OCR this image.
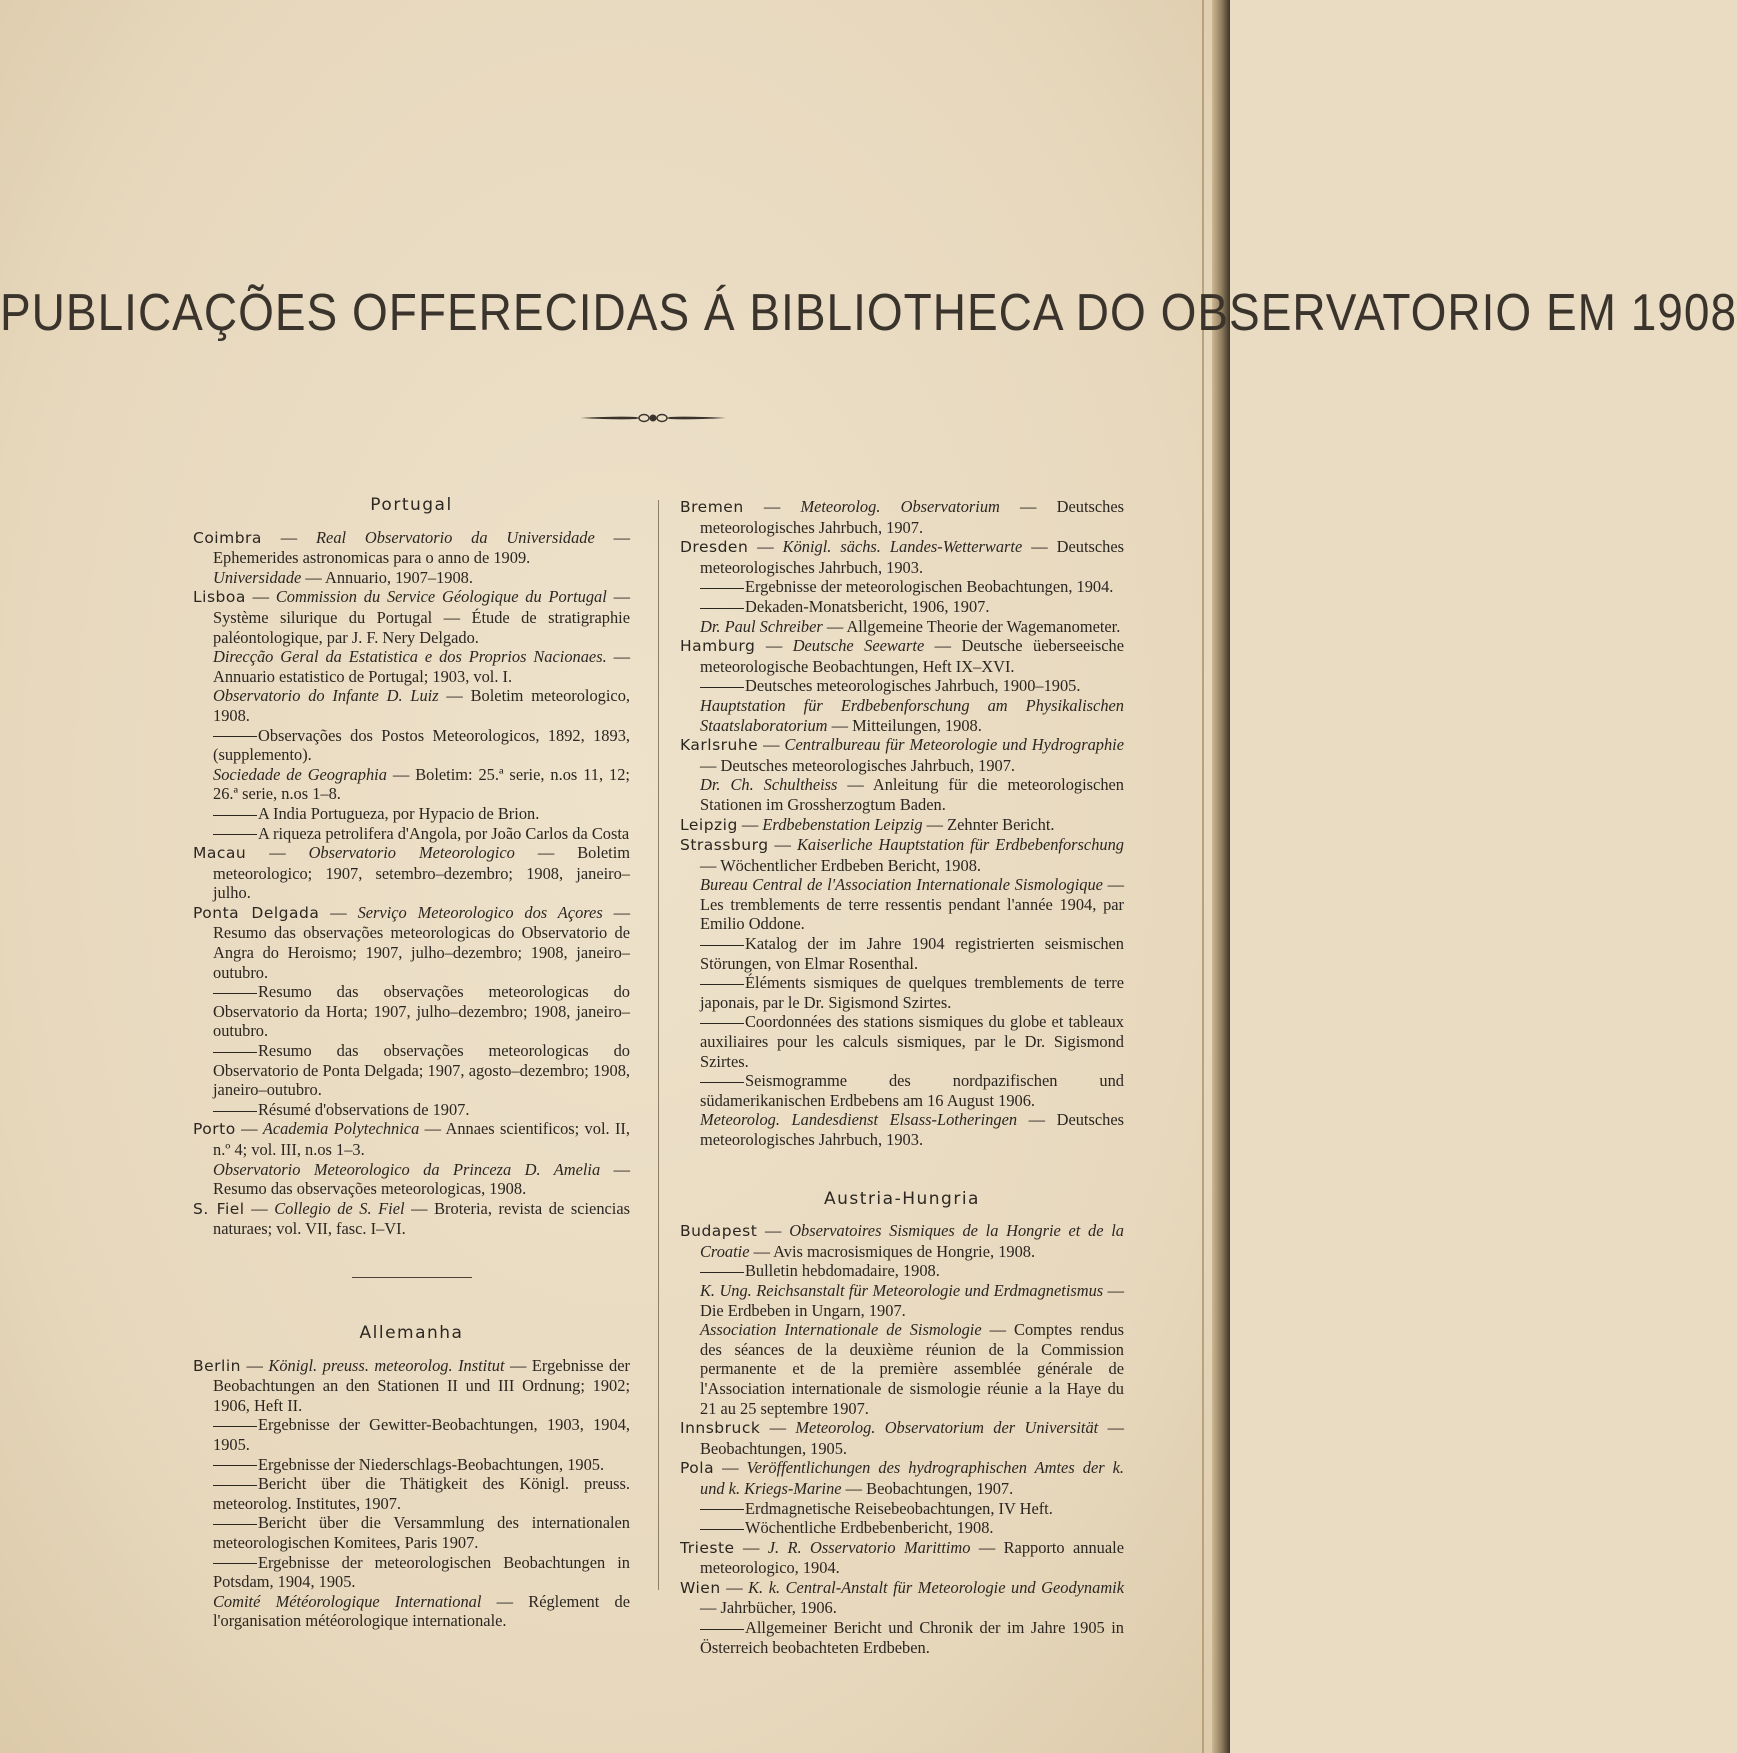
PUBLICAÇÕES OFFERECIDAS Á BIBLIOTHECA DO OBSERVATORIO EM 1908
Portugal

Coimbra — Real Observatorio da Universidade — Ephemerides astronomicas para o anno de 1909.

Universidade — Annuario, 1907–1908.

Lisboa — Commission du Service Géologique du Portugal — Système silurique du Portugal — Étude de stratigraphie paléontologique, par J. F. Nery Delgado.

Direcção Geral da Estatistica e dos Proprios Nacionaes. — Annuario estatistico de Portugal; 1903, vol. I.

Observatorio do Infante D. Luiz — Boletim meteorologico, 1908.

Observações dos Postos Meteorologicos, 1892, 1893, (supplemento).

Sociedade de Geographia — Boletim: 25.ª serie, n.os 11, 12; 26.ª serie, n.os 1–8.

A India Portugueza, por Hypacio de Brion.

A riqueza petrolifera d'Angola, por João Carlos da Costa

Macau — Observatorio Meteorologico — Boletim meteorologico; 1907, setembro–dezembro; 1908, janeiro–julho.

Ponta Delgada — Serviço Meteorologico dos Açores — Resumo das observações meteorologicas do Observatorio de Angra do Heroismo; 1907, julho–dezembro; 1908, janeiro–outubro.

Resumo das observações meteorologicas do Observatorio da Horta; 1907, julho–dezembro; 1908, janeiro–outubro.

Resumo das observações meteorologicas do Observatorio de Ponta Delgada; 1907, agosto–dezembro; 1908, janeiro–outubro.

Résumé d'observations de 1907.

Porto — Academia Polytechnica — Annaes scientificos; vol. II, n.º 4; vol. III, n.os 1–3.

Observatorio Meteorologico da Princeza D. Amelia — Resumo das observações meteorologicas, 1908.

S. Fiel — Collegio de S. Fiel — Broteria, revista de sciencias naturaes; vol. VII, fasc. I–VI.

Allemanha

Berlin — Königl. preuss. meteorolog. Institut — Ergebnisse der Beobachtungen an den Stationen II und III Ordnung; 1902; 1906, Heft II.

Ergebnisse der Gewitter-Beobachtungen, 1903, 1904, 1905.

Ergebnisse der Niederschlags-Beobachtungen, 1905.

Bericht über die Thätigkeit des Königl. preuss. meteorolog. Institutes, 1907.

Bericht über die Versammlung des internationalen meteorologischen Komitees, Paris 1907.

Ergebnisse der meteorologischen Beobachtungen in Potsdam, 1904, 1905.

Comité Météorologique International — Réglement de l'organisation météorologique internationale.

Bremen — Meteorolog. Observatorium — Deutsches meteorologisches Jahrbuch, 1907.

Dresden — Königl. sächs. Landes-Wetterwarte — Deutsches meteorologisches Jahrbuch, 1903.

Ergebnisse der meteorologischen Beobachtungen, 1904.

Dekaden-Monatsbericht, 1906, 1907.

Dr. Paul Schreiber — Allgemeine Theorie der Wagemanometer.

Hamburg — Deutsche Seewarte — Deutsche üeberseeische meteorologische Beobachtungen, Heft IX–XVI.

Deutsches meteorologisches Jahrbuch, 1900–1905.

Hauptstation für Erdbebenforschung am Physikalischen Staatslaboratorium — Mitteilungen, 1908.

Karlsruhe — Centralbureau für Meteorologie und Hydrographie — Deutsches meteorologisches Jahrbuch, 1907.

Dr. Ch. Schultheiss — Anleitung für die meteorologischen Stationen im Grossherzogtum Baden.

Leipzig — Erdbebenstation Leipzig — Zehnter Bericht.

Strassburg — Kaiserliche Hauptstation für Erdbebenforschung — Wöchentlicher Erdbeben Bericht, 1908.

Bureau Central de l'Association Internationale Sismologique — Les tremblements de terre ressentis pendant l'année 1904, par Emilio Oddone.

Katalog der im Jahre 1904 registrierten seismischen Störungen, von Elmar Rosenthal.

Éléments sismiques de quelques tremblements de terre japonais, par le Dr. Sigismond Szirtes.

Coordonnées des stations sismiques du globe et tableaux auxiliaires pour les calculs sismiques, par le Dr. Sigismond Szirtes.

Seismogramme des nordpazifischen und südamerikanischen Erdbebens am 16 August 1906.

Meteorolog. Landesdienst Elsass-Lotheringen — Deutsches meteorologisches Jahrbuch, 1903.

Austria-Hungria

Budapest — Observatoires Sismiques de la Hongrie et de la Croatie — Avis macrosismiques de Hongrie, 1908.

Bulletin hebdomadaire, 1908.

K. Ung. Reichsanstalt für Meteorologie und Erdmagnetismus — Die Erdbeben in Ungarn, 1907.

Association Internationale de Sismologie — Comptes rendus des séances de la deuxième réunion de la Commission permanente et de la première assemblée générale de l'Association internationale de sismologie réunie a la Haye du 21 au 25 septembre 1907.

Innsbruck — Meteorolog. Observatorium der Universität — Beobachtungen, 1905.

Pola — Veröffentlichungen des hydrographischen Amtes der k. und k. Kriegs-Marine — Beobachtungen, 1907.

Erdmagnetische Reisebeobachtungen, IV Heft.

Wöchentliche Erdbebenbericht, 1908.

Trieste — J. R. Osservatorio Marittimo — Rapporto annuale meteorologico, 1904.

Wien — K. k. Central-Anstalt für Meteorologie und Geodynamik — Jahrbücher, 1906.

Allgemeiner Bericht und Chronik der im Jahre 1905 in Österreich beobachteten Erdbeben.
